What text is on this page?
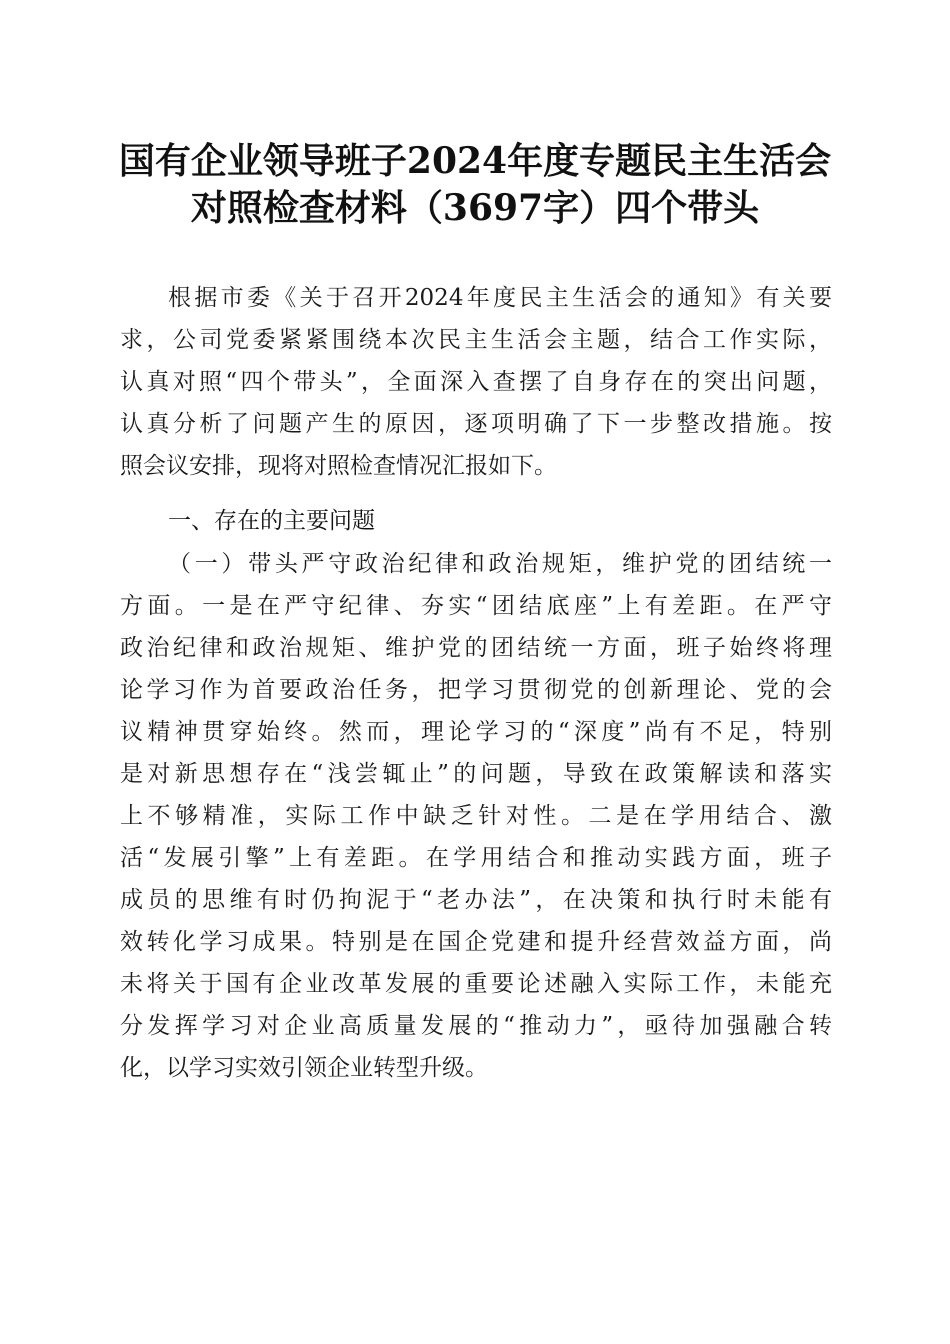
国有企业领导班子2024年度专题民主生活会
对照检查材料（3697字）四个带头
根据市委《关于召开2024年度民主生活会的通知》有关要
求，公司党委紧紧围绕本次民主生活会主题，结合工作实际，
认真对照“四个带头”，全面深入查摆了自身存在的突出问题，
认真分析了问题产生的原因，逐项明确了下一步整改措施。按
照会议安排，现将对照检查情况汇报如下。
一、存在的主要问题
（一）带头严守政治纪律和政治规矩，维护党的团结统一
方面。一是在严守纪律、夯实“团结底座”上有差距。在严守
政治纪律和政治规矩、维护党的团结统一方面，班子始终将理
论学习作为首要政治任务，把学习贯彻党的创新理论、党的会
议精神贯穿始终。然而，理论学习的“深度”尚有不足，特别
是对新思想存在“浅尝辄止”的问题，导致在政策解读和落实
上不够精准，实际工作中缺乏针对性。二是在学用结合、激
活“发展引擎”上有差距。在学用结合和推动实践方面，班子
成员的思维有时仍拘泥于“老办法”，在决策和执行时未能有
效转化学习成果。特别是在国企党建和提升经营效益方面，尚
未将关于国有企业改革发展的重要论述融入实际工作，未能充
分发挥学习对企业高质量发展的“推动力”，亟待加强融合转
化，以学习实效引领企业转型升级。
